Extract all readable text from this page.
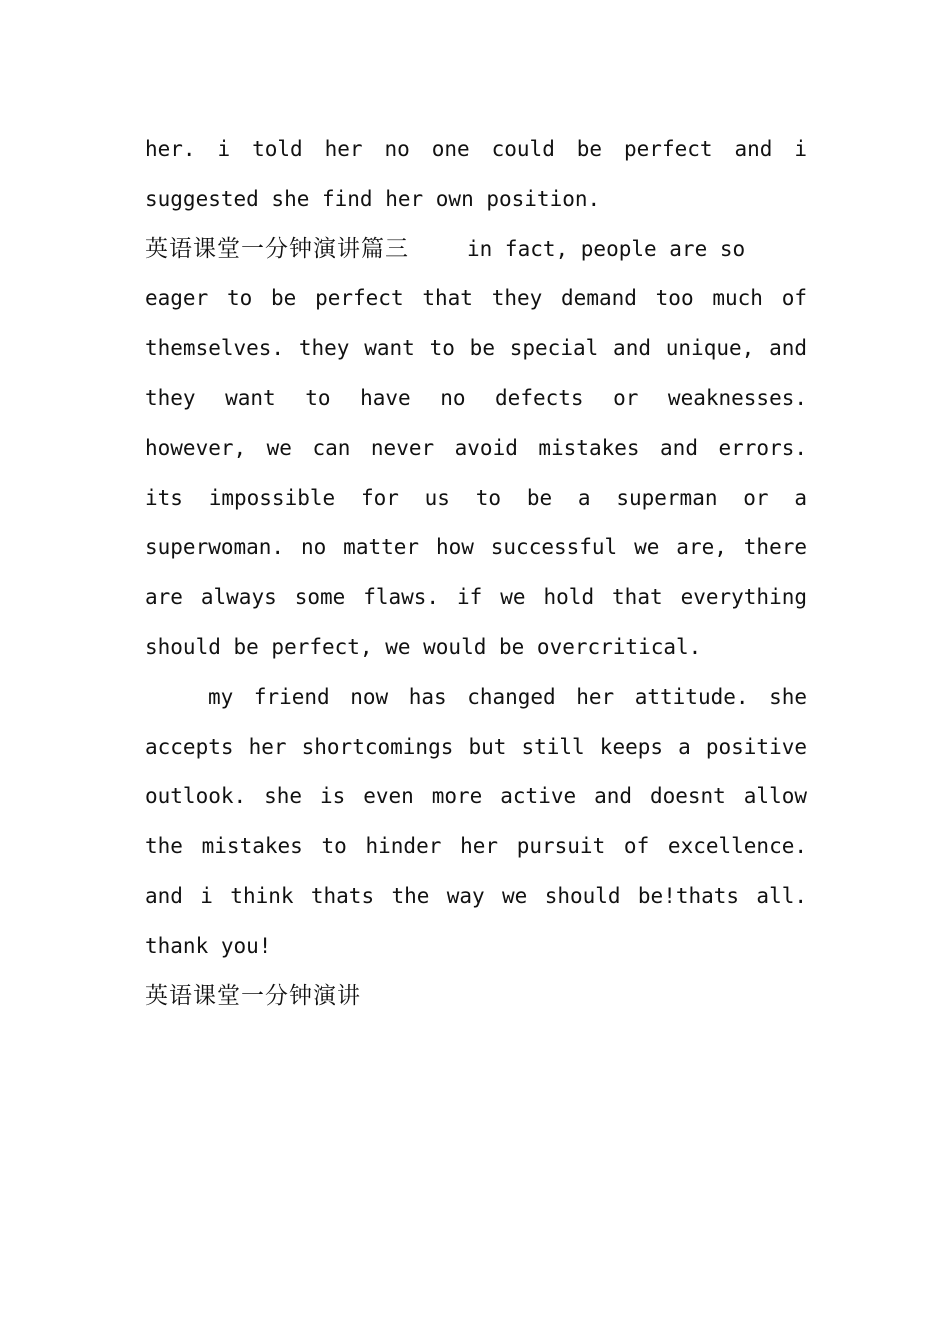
her. i told her no one could be perfect and i
suggested she find her own position.
英语课堂一分钟演讲篇三	in fact, people are so
eager to be perfect that they demand too much of
themselves. they want to be special and unique, and
they want to have no defects or weaknesses.
however, we can never avoid mistakes and errors.
its impossible for us to be a superman or a
superwoman. no matter how successful we are, there
are always some flaws. if we hold that everything
should be perfect, we would be overcritical.
my friend now has changed her attitude. she
accepts her shortcomings but still keeps a positive
outlook. she is even more active and doesnt allow
the mistakes to hinder her pursuit of excellence.
and i think thats the way we should be!thats all.
thank you!
英语课堂一分钟演讲
